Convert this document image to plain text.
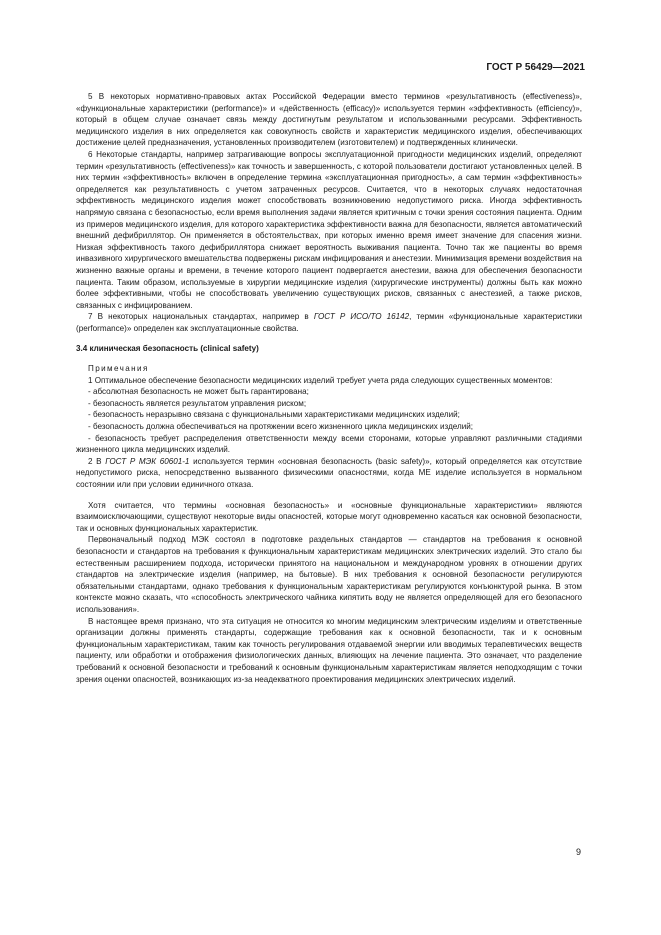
ГОСТ Р 56429—2021

5 В некоторых нормативно-правовых актах Российской Федерации вместо терминов «результативность (effectiveness)», «функциональные характеристики (performance)» и «действенность (efficacy)» используется термин «эффективность (efficiency)», который в общем случае означает связь между достигнутым результатом и использованными ресурсами. Эффективность медицинского изделия в них определяется как совокупность свойств и характеристик медицинского изделия, обеспечивающих достижение целей предназначения, установленных производителем (изготовителем) и подтвержденных клинически.

6 Некоторые стандарты, например затрагивающие вопросы эксплуатационной пригодности медицинских изделий, определяют термин «результативность (effectiveness)» как точность и завершенность, с которой пользователи достигают установленных целей. В них термин «эффективность» включен в определение термина «эксплуатационная пригодность», а сам термин «эффективность» определяется как результативность с учетом затраченных ресурсов. Считается, что в некоторых случаях недостаточная эффективность медицинского изделия может способствовать возникновению недопустимого риска. Иногда эффективность напрямую связана с безопасностью, если время выполнения задачи является критичным с точки зрения состояния пациента. Одним из примеров медицинского изделия, для которого характеристика эффективности важна для безопасности, является автоматический внешний дефибриллятор. Он применяется в обстоятельствах, при которых именно время имеет значение для спасения жизни. Низкая эффективность такого дефибриллятора снижает вероятность выживания пациента. Точно так же пациенты во время инвазивного хирургического вмешательства подвержены рискам инфицирования и анестезии. Минимизация времени воздействия на жизненно важные органы и времени, в течение которого пациент подвергается анестезии, важна для обеспечения безопасности пациента. Таким образом, используемые в хирургии медицинские изделия (хирургические инструменты) должны быть как можно более эффективными, чтобы не способствовать увеличению существующих рисков, связанных с анестезией, а также рисков, связанных с инфицированием.

7 В некоторых национальных стандартах, например в ГОСТ Р ИСО/ТО 16142, термин «функциональные характеристики (performance)» определен как эксплуатационные свойства.

3.4 клиническая безопасность (clinical safety)

Примечания

1 Оптимальное обеспечение безопасности медицинских изделий требует учета ряда следующих существенных моментов:

- абсолютная безопасность не может быть гарантирована;

- безопасность является результатом управления риском;

- безопасность неразрывно связана с функциональными характеристиками медицинских изделий;

- безопасность должна обеспечиваться на протяжении всего жизненного цикла медицинских изделий;

- безопасность требует распределения ответственности между всеми сторонами, которые управляют различными стадиями жизненного цикла медицинских изделий.

2 В ГОСТ Р МЭК 60601-1 используется термин «основная безопасность (basic safety)», который определяется как отсутствие недопустимого риска, непосредственно вызванного физическими опасностями, когда МЕ изделие используется в нормальном состоянии или при условии единичного отказа.

Хотя считается, что термины «основная безопасность» и «основные функциональные характеристики» являются взаимоисключающими, существуют некоторые виды опасностей, которые могут одновременно касаться как основной безопасности, так и основных функциональных характеристик.

Первоначальный подход МЭК состоял в подготовке раздельных стандартов — стандартов на требования к основной безопасности и стандартов на требования к функциональным характеристикам медицинских электрических изделий. Это стало бы естественным расширением подхода, исторически принятого на национальном и международном уровнях в отношении других стандартов на электрические изделия (например, на бытовые). В них требования к основной безопасности регулируются обязательными стандартами, однако требования к функциональным характеристикам регулируются конъюнктурой рынка. В этом контексте можно сказать, что «способность электрического чайника кипятить воду не является определяющей для его безопасного использования».

В настоящее время признано, что эта ситуация не относится ко многим медицинским электрическим изделиям и ответственные организации должны применять стандарты, содержащие требования как к основной безопасности, так и к основным функциональным характеристикам, таким как точность регулирования отдаваемой энергии или вводимых терапевтических веществ пациенту, или обработки и отображения физиологических данных, влияющих на лечение пациента. Это означает, что разделение требований к основной безопасности и требований к основным функциональным характеристикам является неподходящим с точки зрения оценки опасностей, возникающих из-за неадекватного проектирования медицинских электрических изделий.

9
